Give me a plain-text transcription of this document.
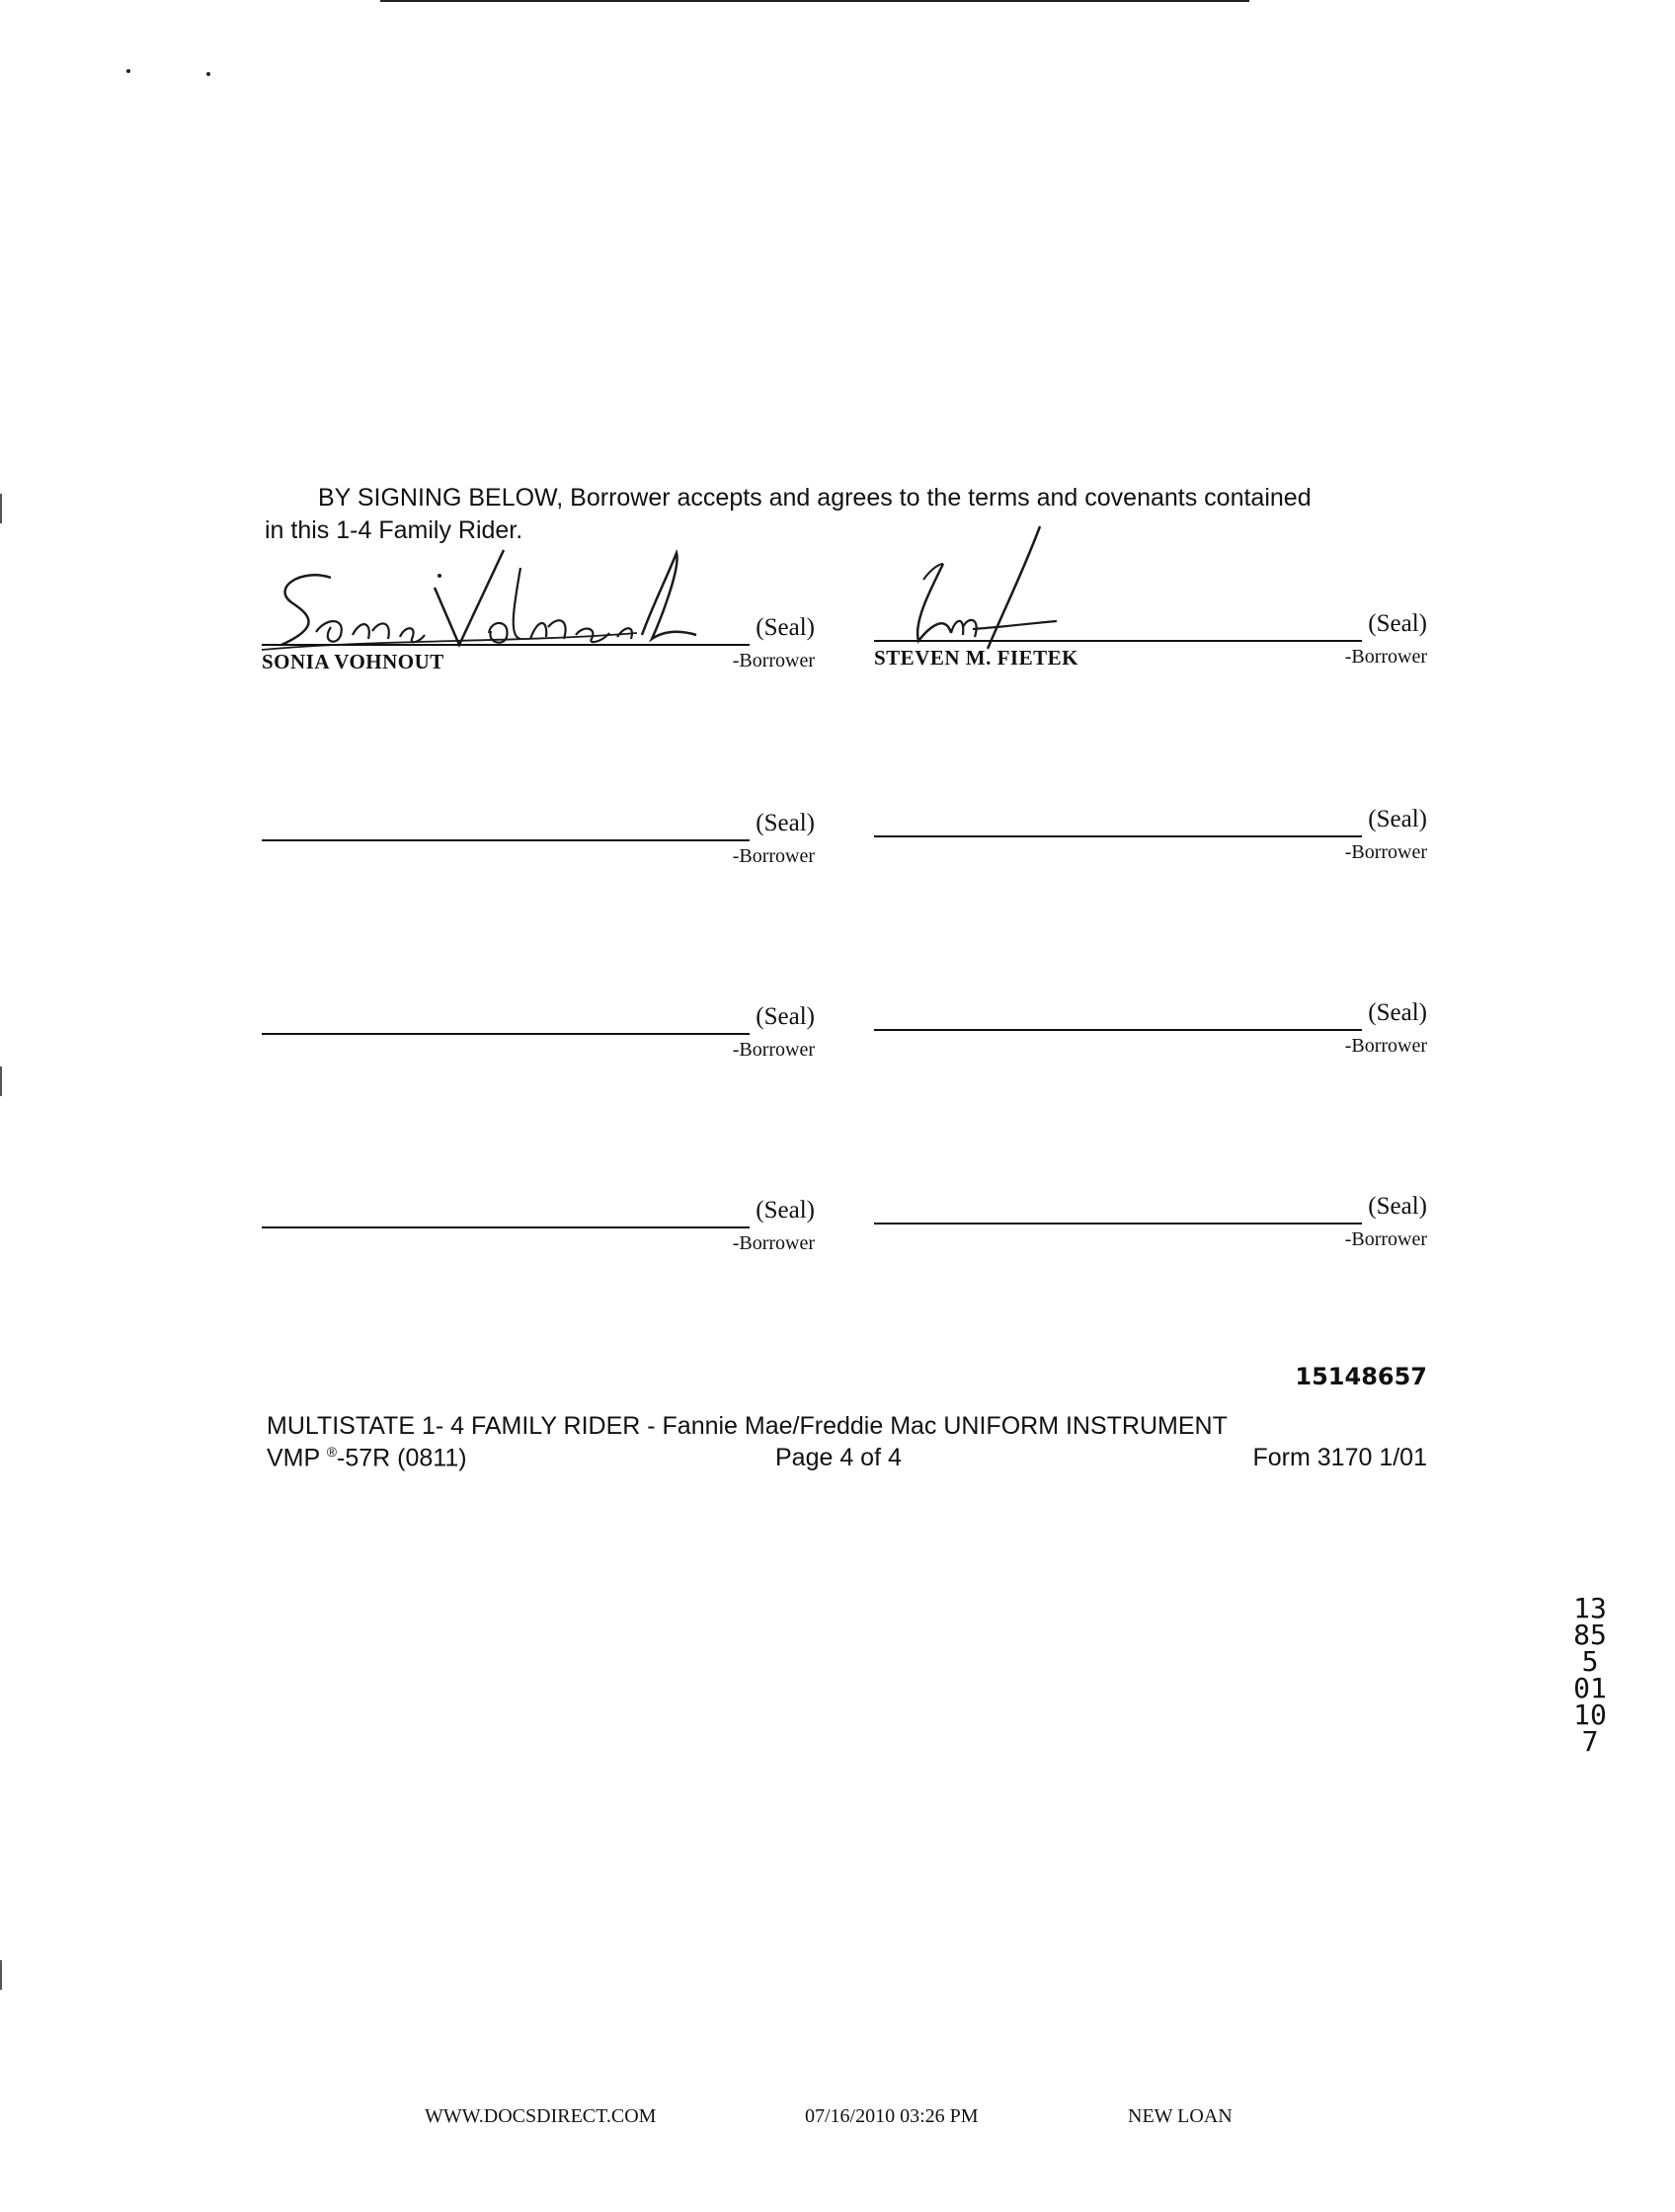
BY SIGNING BELOW, Borrower accepts and agrees to the terms and covenants contained
in this 1-4 Family Rider.
(Seal)
-Borrower
SONIA VOHNOUT
(Seal)
-Borrower
STEVEN M. FIETEK
(Seal)
-Borrower
(Seal)
-Borrower
(Seal)
-Borrower
(Seal)
-Borrower
(Seal)
-Borrower
(Seal)
-Borrower
15148657
MULTISTATE 1- 4 FAMILY RIDER - Fannie Mae/Freddie Mac UNIFORM INSTRUMENT
VMP ®-57R (0811)	Page 4 of 4	Form 3170 1/01
13855 01107
WWW.DOCSDIRECT.COM	07/16/2010 03:26 PM	NEW LOAN
